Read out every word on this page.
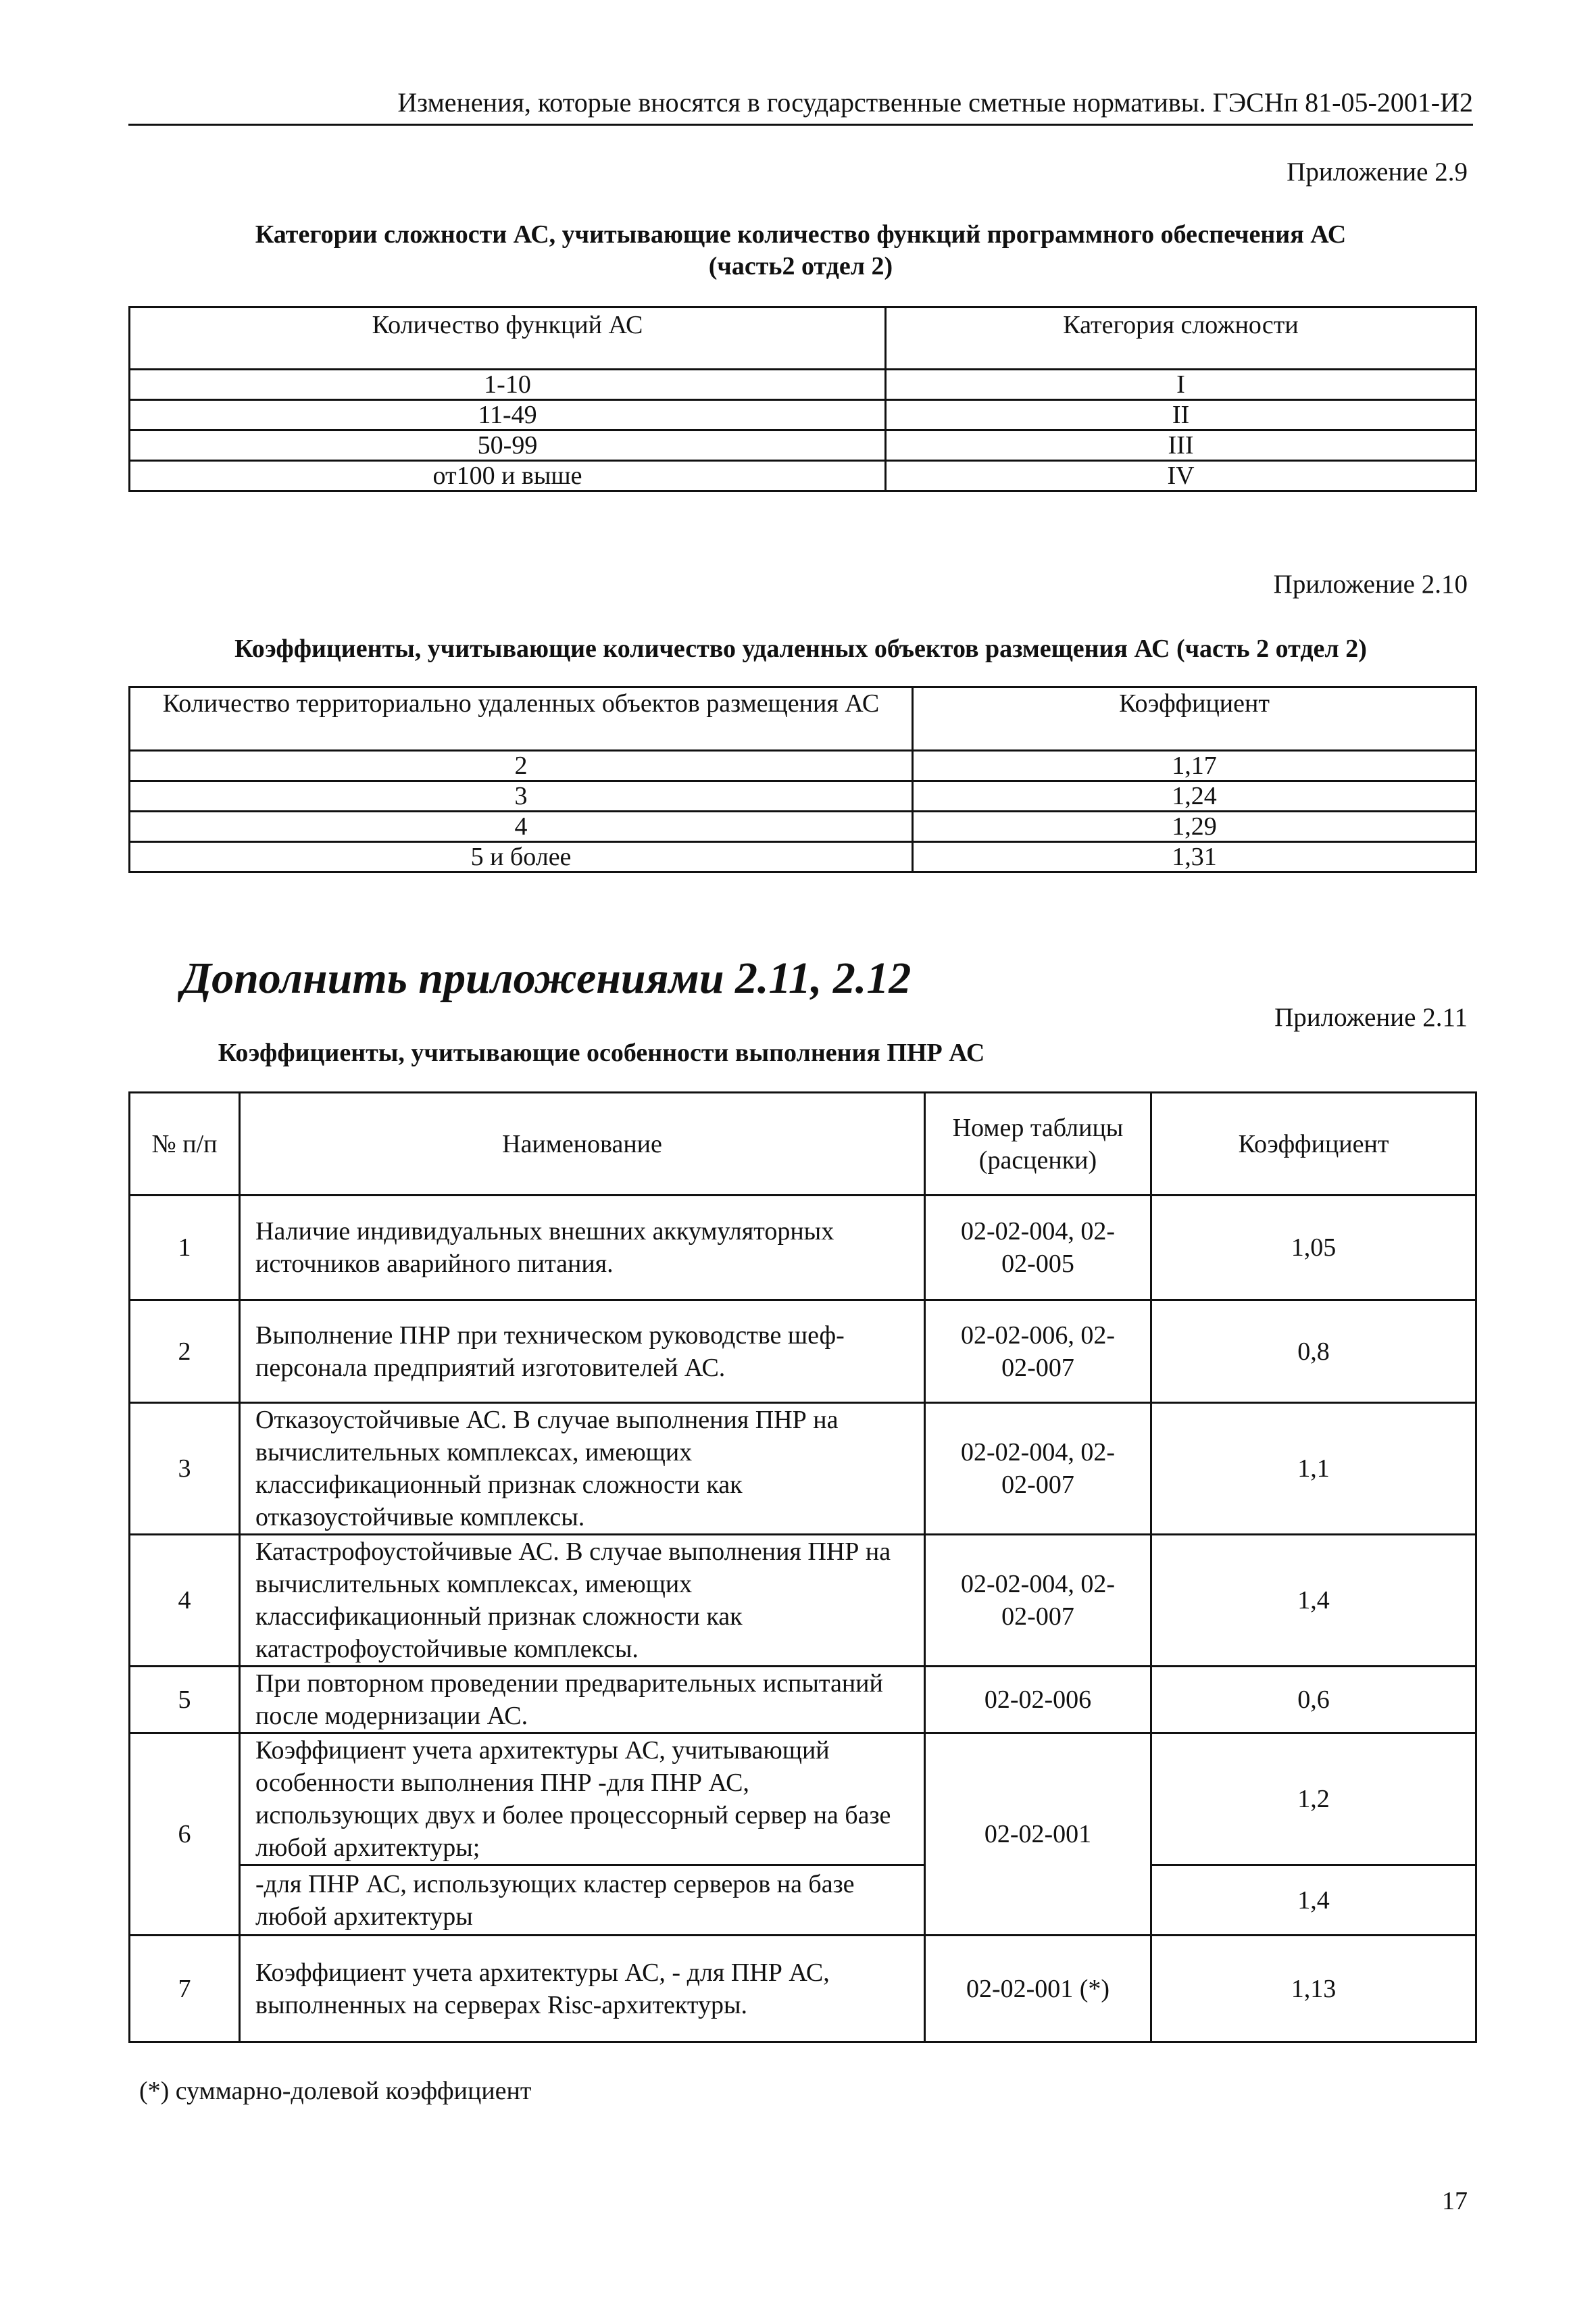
Изменения, которые вносятся в государственные сметные нормативы. ГЭСНп 81-05-2001-И2
Приложение 2.9
Категории сложности АС, учитывающие количество функций программного обеспечения АС
(часть2 отдел 2)
Количество функций АС	Категория сложности
1-10	I
11-49	II
50-99	III
от100 и выше	IV
Приложение 2.10
Коэффициенты, учитывающие количество удаленных объектов размещения АС (часть 2 отдел 2)
Количество территориально удаленных объектов размещения АС	Коэффициент
2	1,17
3	1,24
4	1,29
5 и более	1,31
Дополнить приложениями 2.11, 2.12
Приложение 2.11
Коэффициенты, учитывающие особенности выполнения ПНР АС
№ п/п	Наименование	Номер таблицы (расценки)	Коэффициент
1	Наличие индивидуальных внешних аккумуляторных источников аварийного питания.	02-02-004, 02-02-005	1,05
2	Выполнение ПНР при техническом руководстве шеф-персонала предприятий изготовителей АС.	02-02-006, 02-02-007	0,8
3	Отказоустойчивые АС. В случае выполнения ПНР на вычислительных комплексах, имеющих классификационный признак сложности как отказоустойчивые комплексы.	02-02-004, 02-02-007	1,1
4	Катастрофоустойчивые АС. В случае выполнения ПНР на вычислительных комплексах, имеющих классификационный признак сложности как катастрофоустойчивые комплексы.	02-02-004, 02-02-007	1,4
5	При повторном проведении предварительных испытаний после модернизации АС.	02-02-006	0,6
6	Коэффициент учета архитектуры АС, учитывающий особенности выполнения ПНР -для ПНР АС, использующих двух и более процессорный сервер на базе любой архитектуры;	02-02-001	1,2
	-для ПНР АС, использующих кластер серверов на базе любой архитектуры		1,4
7	Коэффициент учета архитектуры АС, - для ПНР АС, выполненных на серверах Risc-архитектуры.	02-02-001 (*)	1,13
(*) суммарно-долевой коэффициент
17
